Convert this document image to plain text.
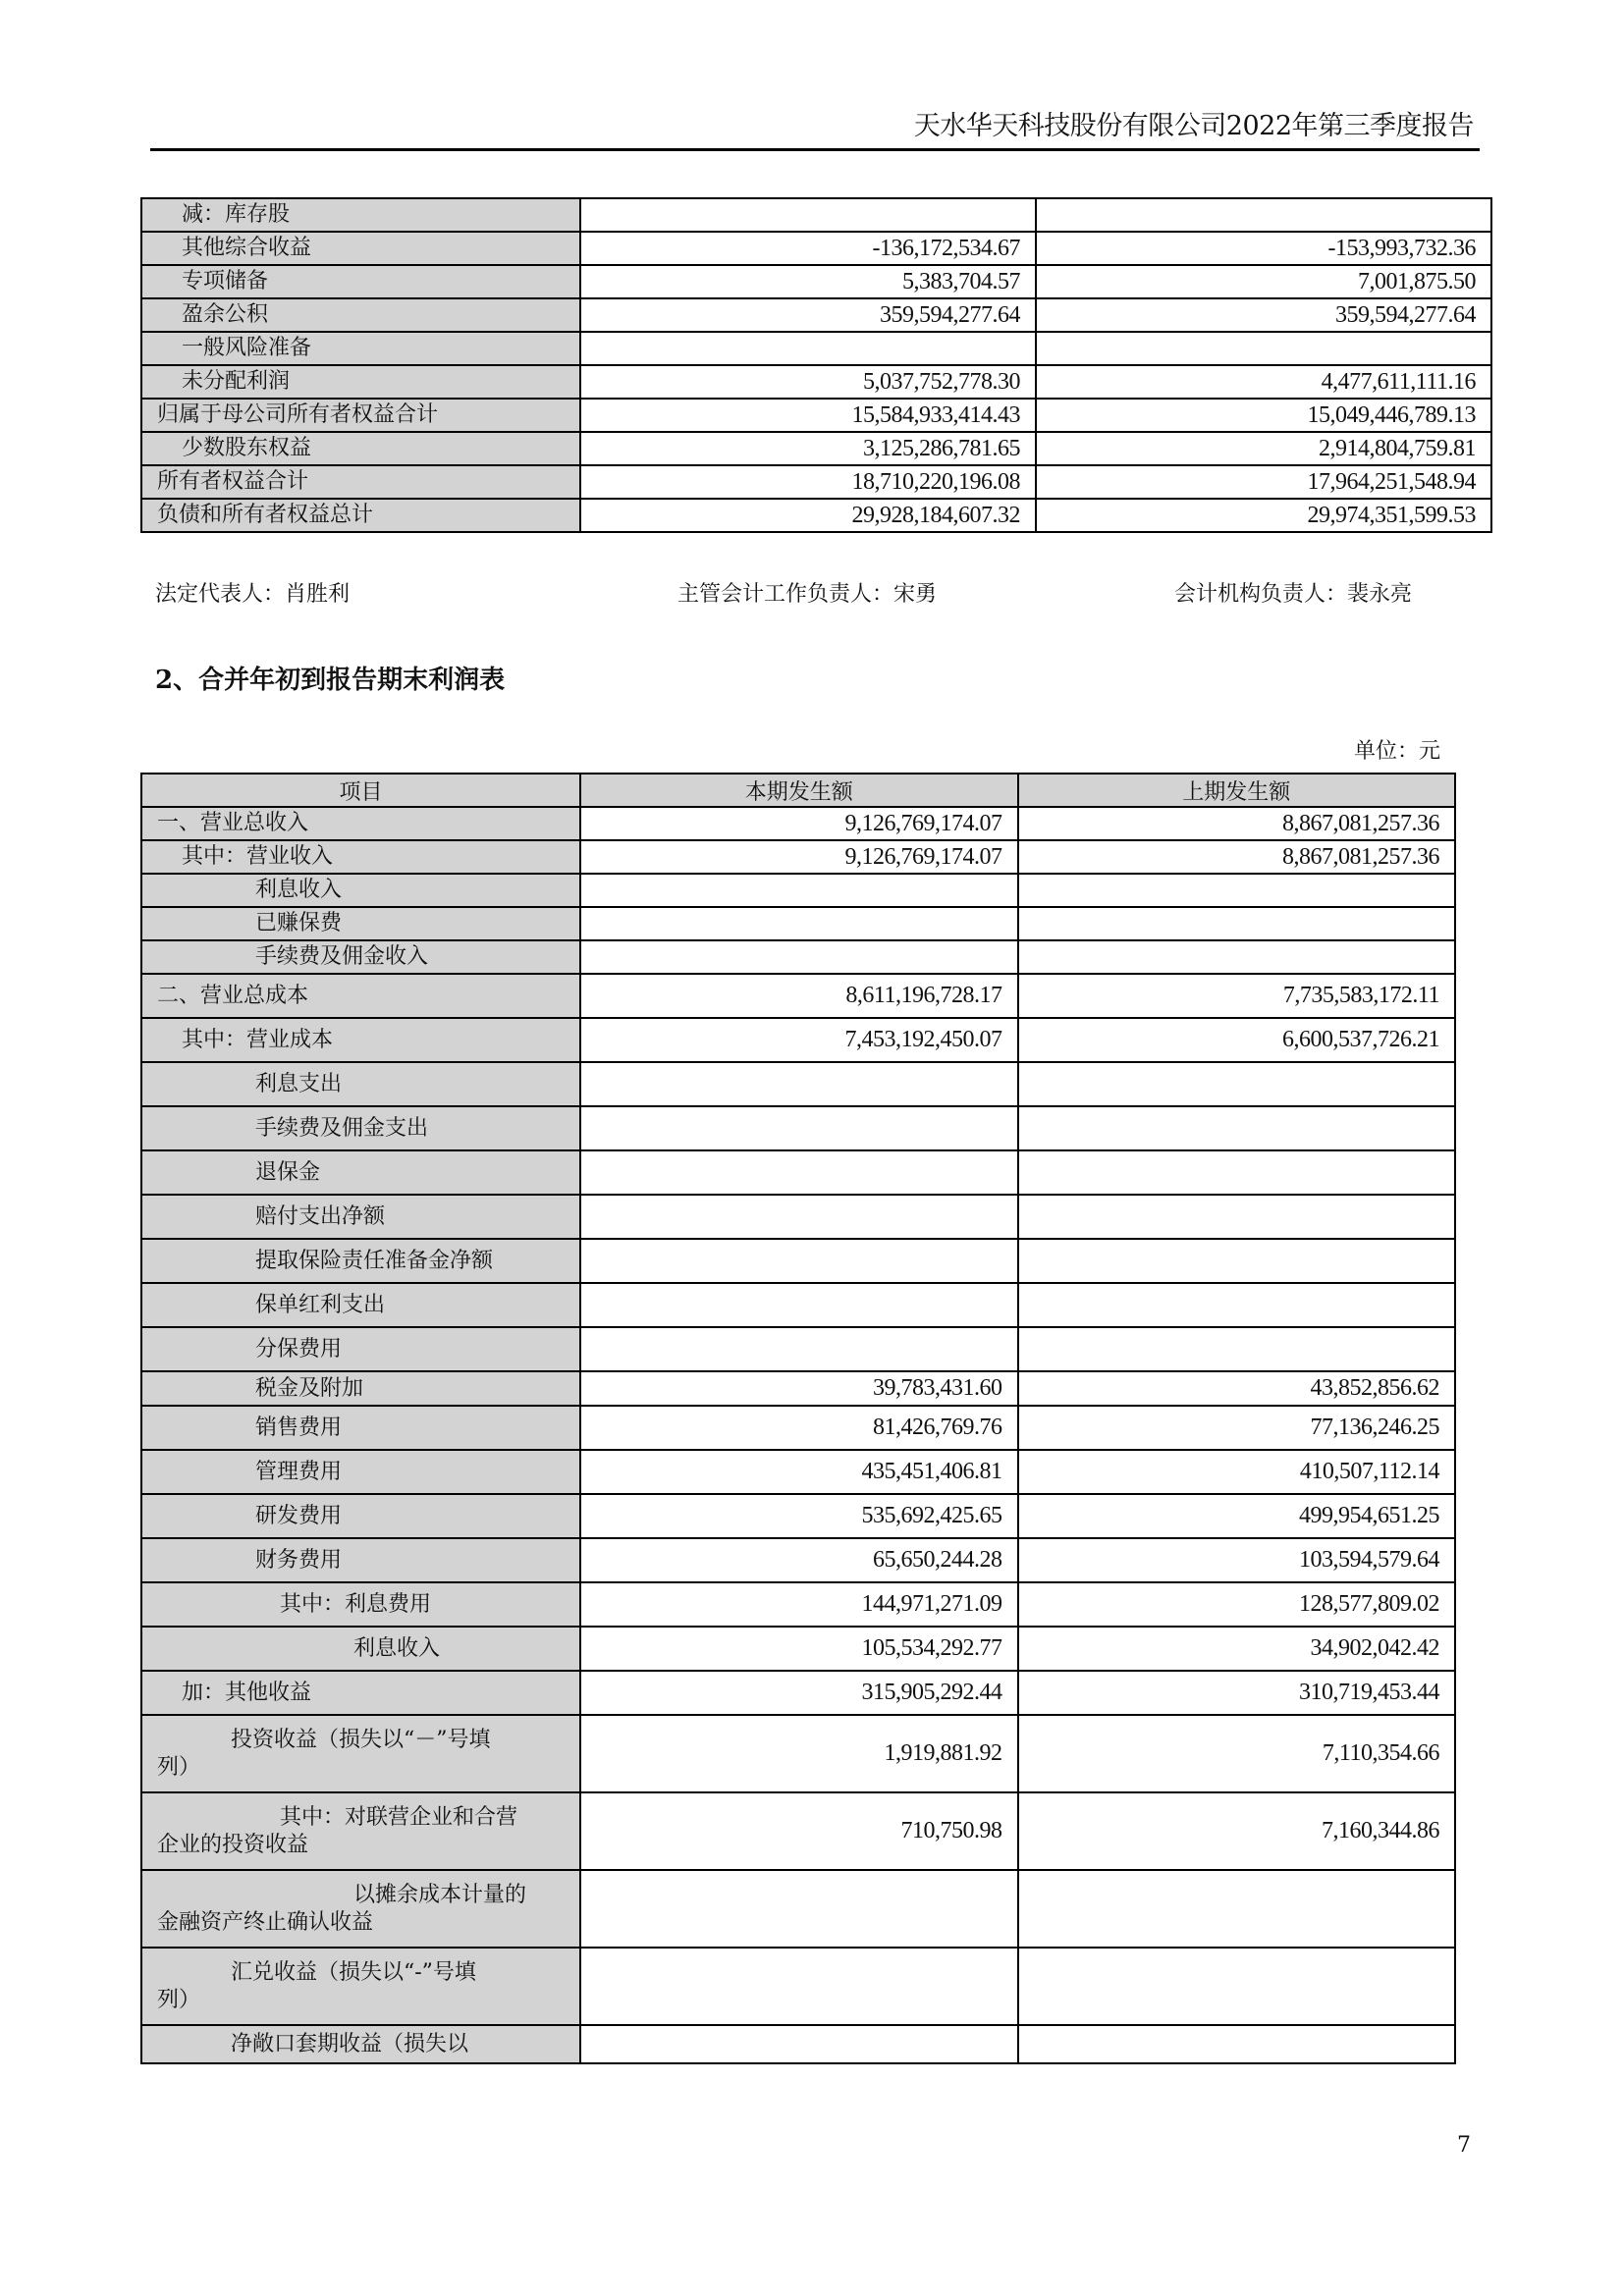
天水华天科技股份有限公司2022年第三季度报告
减：库存股		

其他综合收益	-136,172,534.67	-153,993,732.36

专项储备	5,383,704.57	7,001,875.50

盈余公积	359,594,277.64	359,594,277.64

一般风险准备		

未分配利润	5,037,752,778.30	4,477,611,111.16

归属于母公司所有者权益合计	15,584,933,414.43	15,049,446,789.13

少数股东权益	3,125,286,781.65	2,914,804,759.81

所有者权益合计	18,710,220,196.08	17,964,251,548.94

负债和所有者权益总计	29,928,184,607.32	29,974,351,599.53
法定代表人：肖胜利	主管会计工作负责人：宋勇	会计机构负责人：裴永亮
2、合并年初到报告期末利润表
单位：元
项目	本期发生额	上期发生额

一、营业总收入	9,126,769,174.07	8,867,081,257.36

其中：营业收入	9,126,769,174.07	8,867,081,257.36

利息收入		

已赚保费		

手续费及佣金收入		

二、营业总成本	8,611,196,728.17	7,735,583,172.11

其中：营业成本	7,453,192,450.07	6,600,537,726.21

利息支出		

手续费及佣金支出		

退保金		

赔付支出净额		

提取保险责任准备金净额		

保单红利支出		

分保费用		

税金及附加	39,783,431.60	43,852,856.62

销售费用	81,426,769.76	77,136,246.25

管理费用	435,451,406.81	410,507,112.14

研发费用	535,692,425.65	499,954,651.25

财务费用	65,650,244.28	103,594,579.64

其中：利息费用	144,971,271.09	128,577,809.02

利息收入	105,534,292.77	34,902,042.42

加：其他收益	315,905,292.44	310,719,453.44

投资收益（损失以“－”号填
列）	1,919,881.92	7,110,354.66

其中：对联营企业和合营
企业的投资收益	710,750.98	7,160,344.86

以摊余成本计量的
金融资产终止确认收益		

汇兑收益（损失以“-”号填
列）		

净敞口套期收益（损失以		

7
